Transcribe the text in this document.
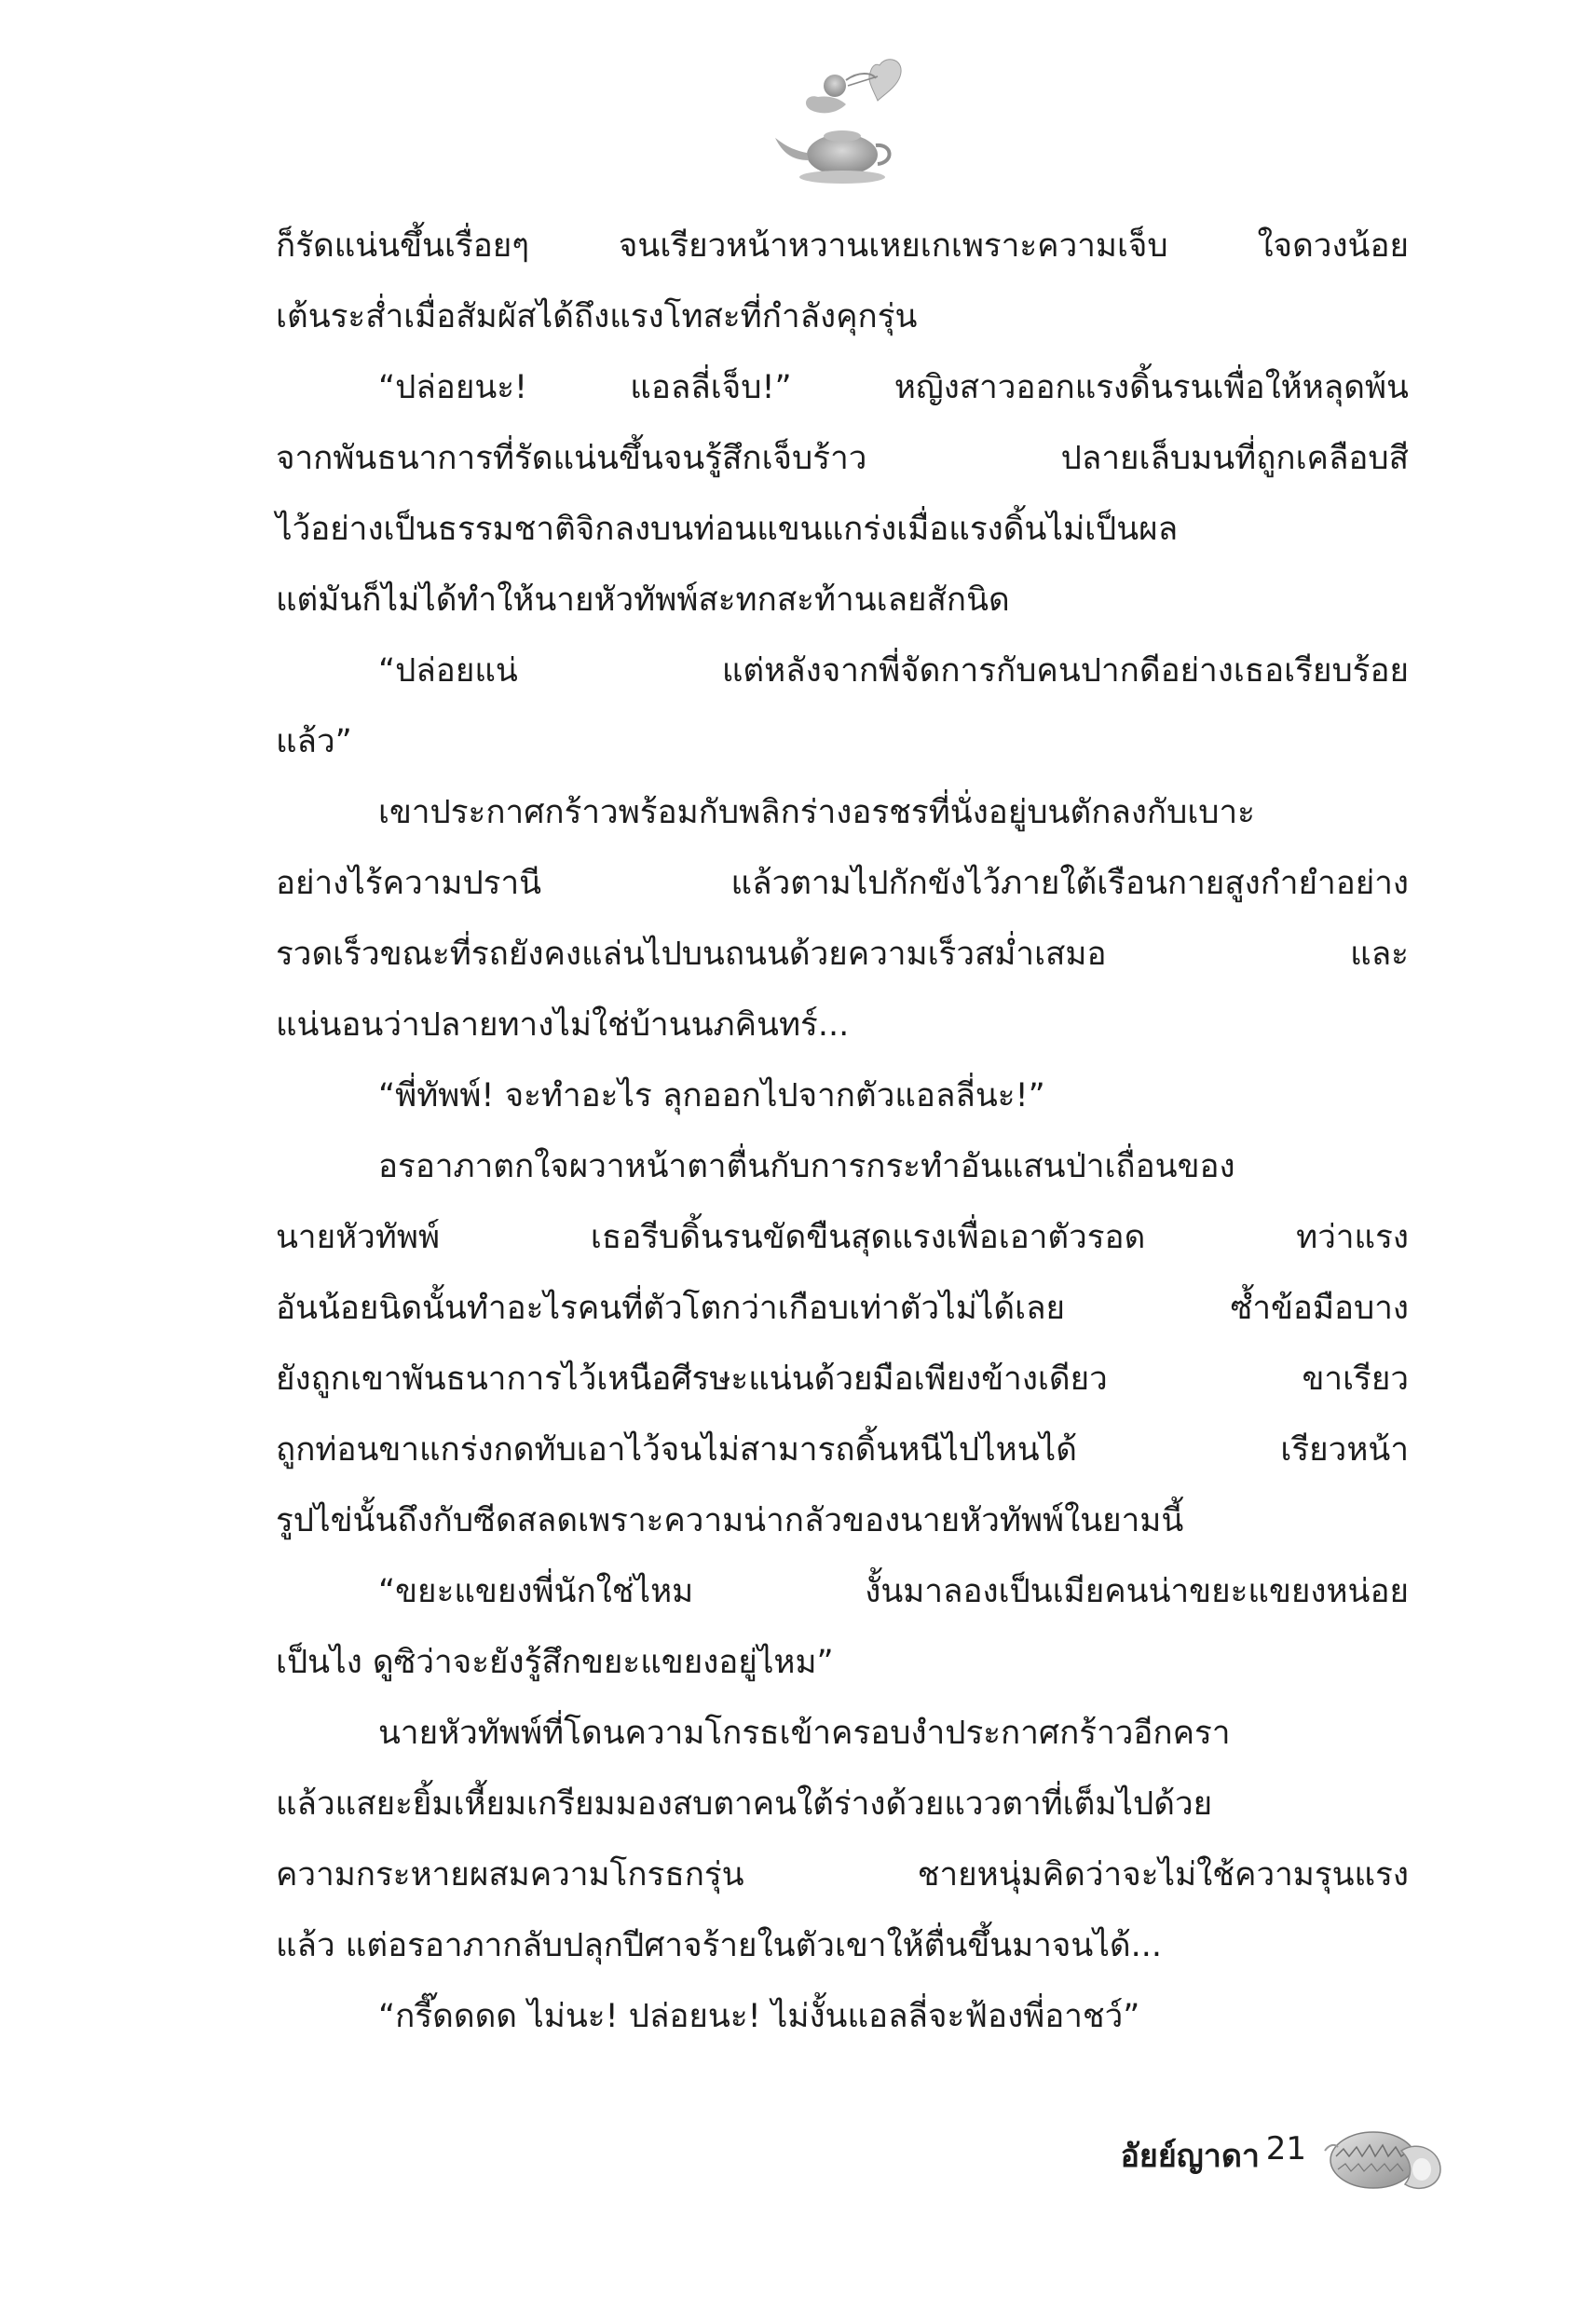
ก็รัดแน่นขึ้นเรื่อยๆ จนเรียวหน้าหวานเหยเกเพราะความเจ็บ ใจดวงน้อย

เต้นระส่ำเมื่อสัมผัสได้ถึงแรงโทสะที่กำลังคุกรุ่น

“ปล่อยนะ! แอลลี่เจ็บ!” หญิงสาวออกแรงดิ้นรนเพื่อให้หลุดพ้น

จากพันธนาการที่รัดแน่นขึ้นจนรู้สึกเจ็บร้าว ปลายเล็บมนที่ถูกเคลือบสี

ไว้อย่างเป็นธรรมชาติจิกลงบนท่อนแขนแกร่งเมื่อแรงดิ้นไม่เป็นผล

แต่มันก็ไม่ได้ทำให้นายหัวทัพพ์สะทกสะท้านเลยสักนิด

“ปล่อยแน่ แต่หลังจากพี่จัดการกับคนปากดีอย่างเธอเรียบร้อย

แล้ว”

เขาประกาศกร้าวพร้อมกับพลิกร่างอรชรที่นั่งอยู่บนตักลงกับเบาะ

อย่างไร้ความปรานี แล้วตามไปกักขังไว้ภายใต้เรือนกายสูงกำยำอย่าง

รวดเร็วขณะที่รถยังคงแล่นไปบนถนนด้วยความเร็วสม่ำเสมอ และ

แน่นอนว่าปลายทางไม่ใช่บ้านนภคินทร์...

“พี่ทัพพ์! จะทำอะไร ลุกออกไปจากตัวแอลลี่นะ!”

อรอาภาตกใจผวาหน้าตาตื่นกับการกระทำอันแสนป่าเถื่อนของ

นายหัวทัพพ์ เธอรีบดิ้นรนขัดขืนสุดแรงเพื่อเอาตัวรอด ทว่าแรง

อันน้อยนิดนั้นทำอะไรคนที่ตัวโตกว่าเกือบเท่าตัวไม่ได้เลย ซ้ำข้อมือบาง

ยังถูกเขาพันธนาการไว้เหนือศีรษะแน่นด้วยมือเพียงข้างเดียว ขาเรียว

ถูกท่อนขาแกร่งกดทับเอาไว้จนไม่สามารถดิ้นหนีไปไหนได้ เรียวหน้า

รูปไข่นั้นถึงกับซีดสลดเพราะความน่ากลัวของนายหัวทัพพ์ในยามนี้

“ขยะแขยงพี่นักใช่ไหม งั้นมาลองเป็นเมียคนน่าขยะแขยงหน่อย

เป็นไง ดูซิว่าจะยังรู้สึกขยะแขยงอยู่ไหม”

นายหัวทัพพ์ที่โดนความโกรธเข้าครอบงำประกาศกร้าวอีกครา

แล้วแสยะยิ้มเหี้ยมเกรียมมองสบตาคนใต้ร่างด้วยแววตาที่เต็มไปด้วย

ความกระหายผสมความโกรธกรุ่น ชายหนุ่มคิดว่าจะไม่ใช้ความรุนแรง

แล้ว แต่อรอาภากลับปลุกปีศาจร้ายในตัวเขาให้ตื่นขึ้นมาจนได้...

“กรี๊ดดดด ไม่นะ! ปล่อยนะ! ไม่งั้นแอลลี่จะฟ้องพี่อาชว์”

อัยย์ญาดา 21
